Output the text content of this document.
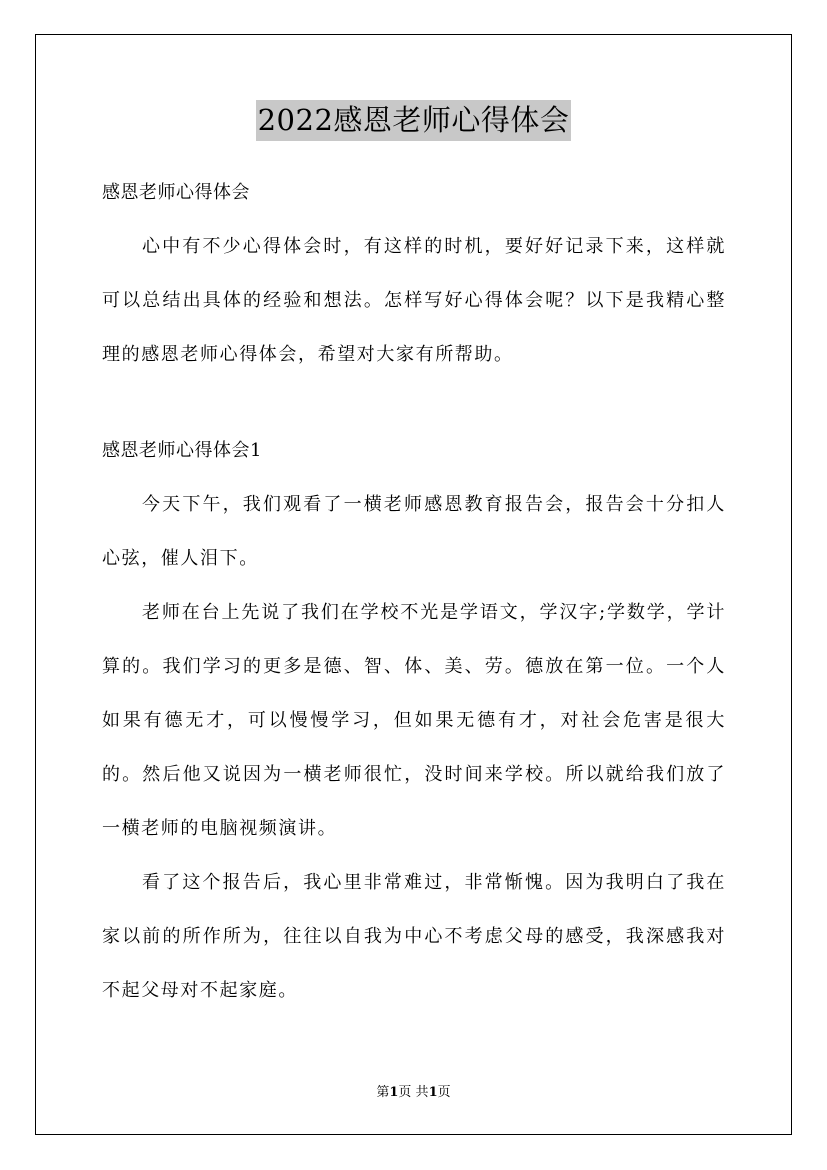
2022感恩老师心得体会

感恩老师心得体会

心中有不少心得体会时，有这样的时机，要好好记录下来，这样就可以总结出具体的经验和想法。怎样写好心得体会呢？以下是我精心整理的感恩老师心得体会，希望对大家有所帮助。

感恩老师心得体会1

今天下午，我们观看了一横老师感恩教育报告会，报告会十分扣人心弦，催人泪下。

老师在台上先说了我们在学校不光是学语文，学汉字;学数学，学计算的。我们学习的更多是德、智、体、美、劳。德放在第一位。一个人如果有德无才，可以慢慢学习，但如果无德有才，对社会危害是很大的。然后他又说因为一横老师很忙，没时间来学校。所以就给我们放了一横老师的电脑视频演讲。

看了这个报告后，我心里非常难过，非常惭愧。因为我明白了我在家以前的所作所为，往往以自我为中心不考虑父母的感受，我深感我对不起父母对不起家庭。

第1页 共1页
